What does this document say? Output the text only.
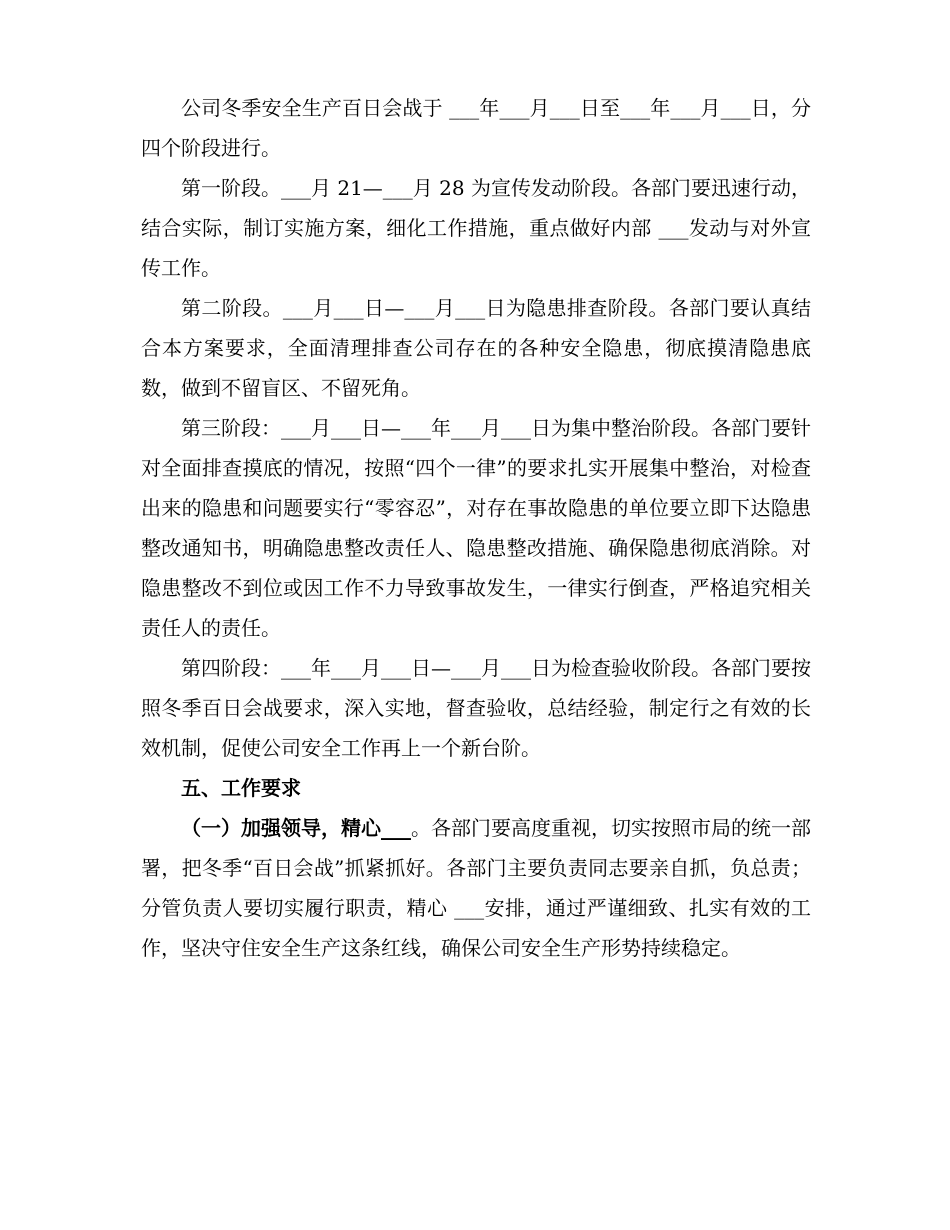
公司冬季安全生产百日会战于 ___年___月___日至___年___月___日，分四个阶段进行。

第一阶段。___月 21—___月 28 为宣传发动阶段。各部门要迅速行动，结合实际，制订实施方案，细化工作措施，重点做好内部 ___发动与对外宣传工作。

第二阶段。___月___日—___月___日为隐患排查阶段。各部门要认真结合本方案要求，全面清理排查公司存在的各种安全隐患，彻底摸清隐患底数，做到不留盲区、不留死角。

第三阶段：___月___日—___年___月___日为集中整治阶段。各部门要针对全面排查摸底的情况，按照“四个一律”的要求扎实开展集中整治，对检查出来的隐患和问题要实行“零容忍”，对存在事故隐患的单位要立即下达隐患整改通知书，明确隐患整改责任人、隐患整改措施、确保隐患彻底消除。对隐患整改不到位或因工作不力导致事故发生，一律实行倒查，严格追究相关责任人的责任。

第四阶段：___年___月___日—___月___日为检查验收阶段。各部门要按照冬季百日会战要求，深入实地，督查验收，总结经验，制定行之有效的长效机制，促使公司安全工作再上一个新台阶。

五、工作要求

（一）加强领导，精心___。各部门要高度重视，切实按照市局的统一部署，把冬季“百日会战”抓紧抓好。各部门主要负责同志要亲自抓，负总责；分管负责人要切实履行职责，精心 ___安排，通过严谨细致、扎实有效的工作，坚决守住安全生产这条红线，确保公司安全生产形势持续稳定。
